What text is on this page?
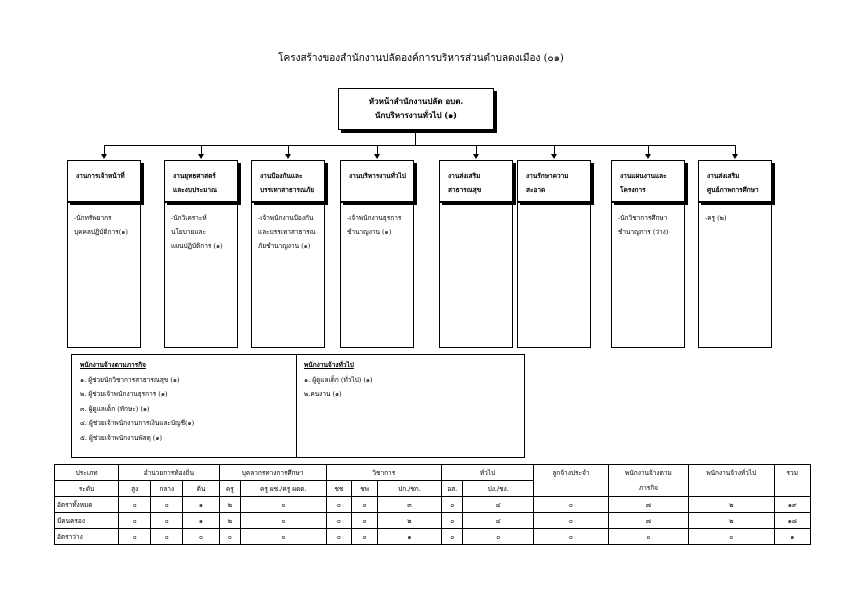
โครงสร้างของสำนักงานปลัดองค์การบริหารส่วนตำบลดงเมือง (๐๑)
หัวหน้าสำนักงานปลัด อบต.
นักบริหารงานทั่วไป (๑)
งานการเจ้าหน้าที่
-นักทรัพยากร
บุคคลปฏิบัติการ(๑)
งานยุทธศาสตร์
และงบประมาณ
-นักวิเคราะห์
นโยบายและ
แผนปฏิบัติการ (๑)
งานป้องกันและ
บรรเทาสาธารณภัย
-เจ้าพนักงานป้องกัน
และบรรเทาสาธารณ
ภัยชำนาญงาน (๑)
งานบริหารงานทั่วไป
-เจ้าพนักงานธุรการ
ชำนาญงาน (๑)
งานส่งเสริม
สาธารณสุข
งานรักษาความ
สะอาด
งานแผนงานและ
โครงการ
-นักวิชาการศึกษา
ชำนาญการ (ว่าง)
งานส่งเสริม
ศูนย์ภาพการศึกษา
-ครู (๒)
พนักงานจ้างตามภารกิจ
๑. ผู้ช่วยนักวิชาการสาธารณสุข (๑)
๒. ผู้ช่วยเจ้าพนักงานธุรการ (๑)
๓. ผู้ดูแลเด็ก (ทักษะ) (๑)
๔. ผู้ช่วยเจ้าพนักงานการเงินและบัญชี(๑)
๕. ผู้ช่วยเจ้าพนักงานพัสดุ (๑)
พนักงานจ้างทั่วไป
๑. ผู้ดูแลเด็ก (ทั่วไป) (๑)
๒.คนงาน (๑)
ประเภท	อำนวยการท้องถิ่น			บุคลากรทางการศึกษา		วิชาการ			ทั่วไป		ลูกจ้างประจำ	พนักงานจ้างตาม	พนักงานจ้างทั่วไป	รวม
ระดับ	สูง	กลาง	ต้น	ครู	ครู ผช./ครู ผดด.	ชช	ชพ	ปก./ชก.	อส.	ปง./ชง.		ภารกิจ		
อัตราทั้งหมด	๐	๐	๑	๒	๐	๐	๐	๓	๐	๔	๐	๗	๒	๑๙
มีคนครอง	๐	๐	๑	๒	๐	๐	๐	๒	๐	๔	๐	๗	๒	๑๘
อัตราว่าง	๐	๐	๐	๐	๐	๐	๐	๑	๐	๐	๐	๐	๐	๑
